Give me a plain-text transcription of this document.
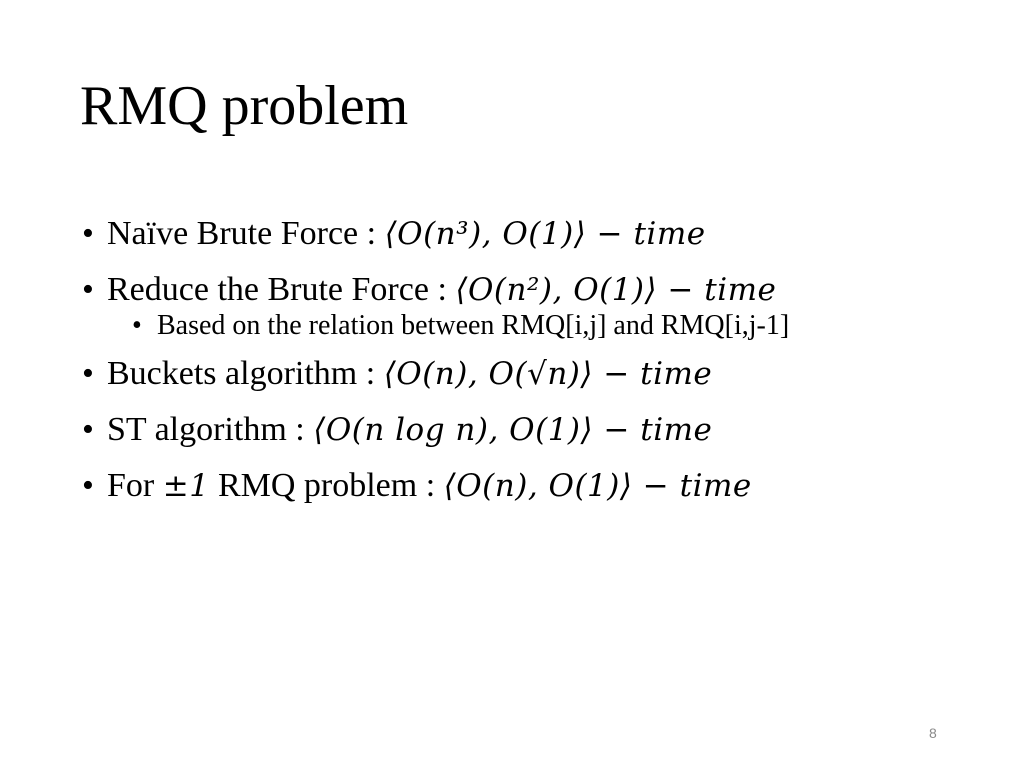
RMQ problem
• Naïve Brute Force : ⟨O(n³), O(1)⟩ − time
• Reduce the Brute Force : ⟨O(n²), O(1)⟩ − time
• Based on the relation between RMQ[i,j] and RMQ[i,j-1]
• Buckets algorithm : ⟨O(n), O(√n)⟩ − time
• ST algorithm : ⟨O(n log n), O(1)⟩ − time
• For ±1 RMQ problem : ⟨O(n), O(1)⟩ − time
8
